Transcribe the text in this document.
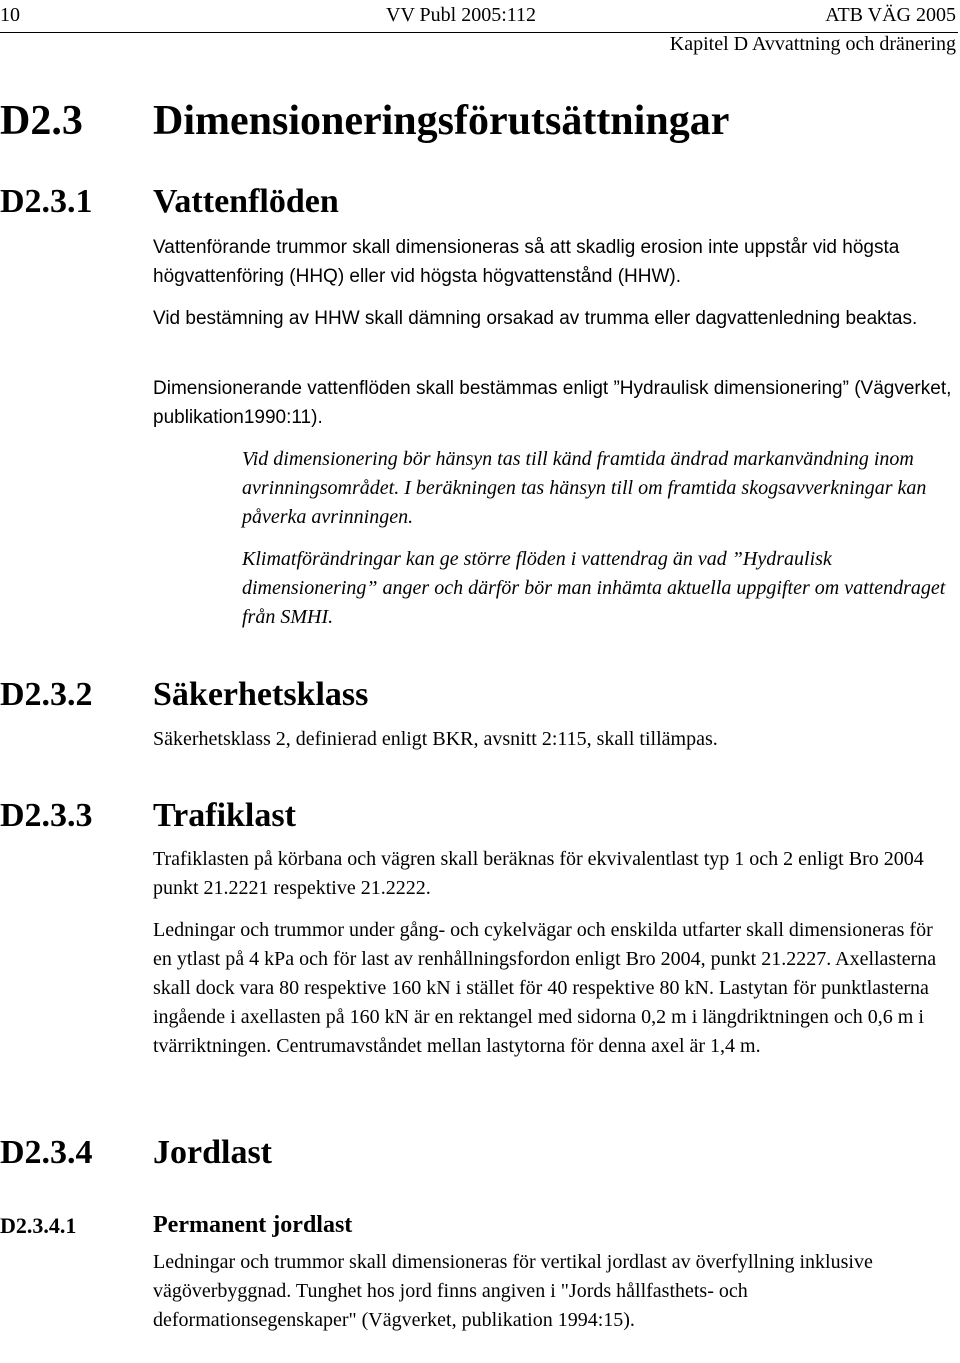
10	VV Publ 2005:112	ATB VÄG 2005
Kapitel D Avvattning och dränering
D2.3 Dimensioneringsförutsättningar
D2.3.1 Vattenflöden

Vattenförande trummor skall dimensioneras så att skadlig erosion inte uppstår vid högsta högvattenföring (HHQ) eller vid högsta högvattenstånd (HHW).

Vid bestämning av HHW skall dämning orsakad av trumma eller dagvattenledning beaktas.

Dimensionerande vattenflöden skall bestämmas enligt ”Hydraulisk dimensionering” (Vägverket, publikation1990:11).

Vid dimensionering bör hänsyn tas till känd framtida ändrad markanvändning inom avrinningsområdet. I beräkningen tas hänsyn till om framtida skogsavverkningar kan påverka avrinningen.

Klimatförändringar kan ge större flöden i vattendrag än vad ”Hydraulisk dimensionering” anger och därför bör man inhämta aktuella uppgifter om vattendraget från SMHI.

D2.3.2 Säkerhetsklass

Säkerhetsklass 2, definierad enligt BKR, avsnitt 2:115, skall tillämpas.

D2.3.3 Trafiklast

Trafiklasten på körbana och vägren skall beräknas för ekvivalentlast typ 1 och 2 enligt Bro 2004 punkt 21.2221 respektive 21.2222.

Ledningar och trummor under gång- och cykelvägar och enskilda utfarter skall dimensioneras för en ytlast på 4 kPa och för last av renhållningsfordon enligt Bro 2004, punkt 21.2227. Axellasterna skall dock vara 80 respektive 160 kN i stället för 40 respektive 80 kN. Lastytan för punktlasterna ingående i axellasten på 160 kN är en rektangel med sidorna 0,2 m i längdriktningen och 0,6 m i tvärriktningen. Centrumavståndet mellan lastytorna för denna axel är 1,4 m.

D2.3.4 Jordlast
D2.3.4.1	Permanent jordlast

Ledningar och trummor skall dimensioneras för vertikal jordlast av överfyllning inklusive vägöverbyggnad. Tunghet hos jord finns angiven i "Jords hållfasthets- och deformationsegenskaper" (Vägverket, publikation 1994:15).
